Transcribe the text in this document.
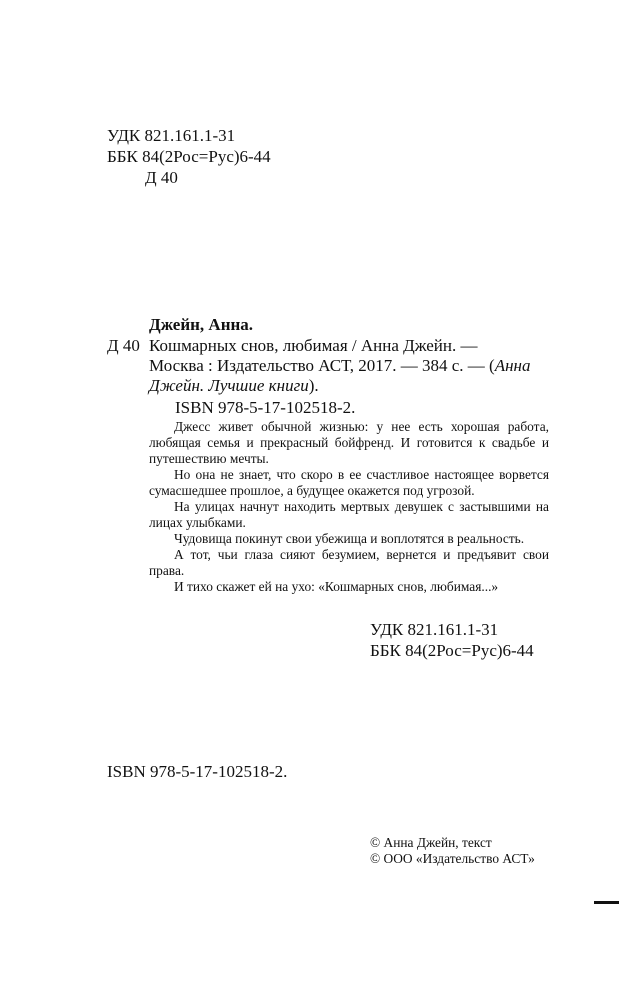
УДК 821.161.1-31
ББК 84(2Рос=Рус)6-44
Д 40
Джейн, Анна.
Д 40 Кошмарных снов, любимая / Анна Джейн. —
Москва : Издательство АСТ, 2017. — 384 с. — (Анна
Джейн. Лучшие книги).
ISBN 978-5-17-102518-2.

Джесс живет обычной жизнью: у нее есть хорошая работа, любящая семья и прекрасный бойфренд. И готовится к свадьбе и путешествию мечты.

Но она не знает, что скоро в ее счастливое настоящее ворвется сумасшедшее прошлое, а будущее окажется под угрозой.

На улицах начнут находить мертвых девушек с застывшими на лицах улыбками.

Чудовища покинут свои убежища и воплотятся в реальность.

А тот, чьи глаза сияют безумием, вернется и предъявит свои права.

И тихо скажет ей на ухо: «Кошмарных снов, любимая...»

УДК 821.161.1-31
ББК 84(2Рос=Рус)6-44
ISBN 978-5-17-102518-2.
© Анна Джейн, текст
© ООО «Издательство АСТ»
